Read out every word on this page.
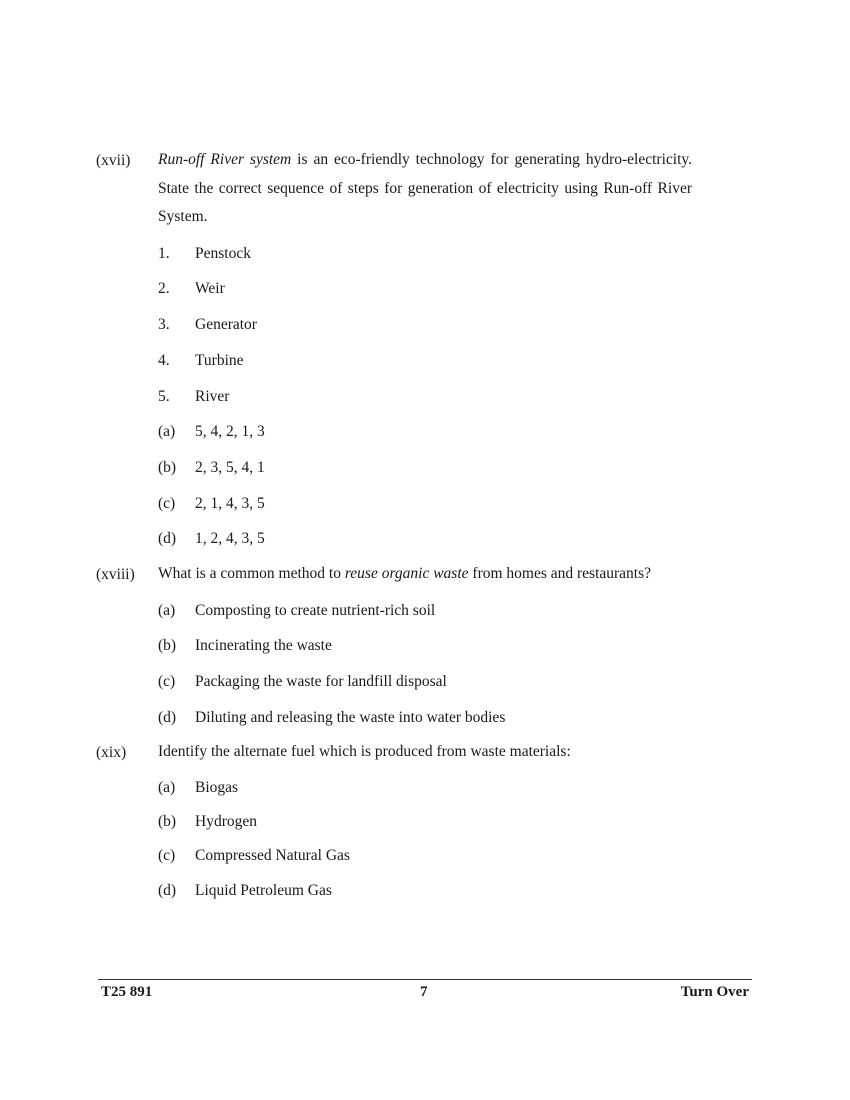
(xvii) Run-off River system is an eco-friendly technology for generating hydro-electricity. State the correct sequence of steps for generation of electricity using Run-off River System.
1. Penstock
2. Weir
3. Generator
4. Turbine
5. River
(a) 5, 4, 2, 1, 3
(b) 2, 3, 5, 4, 1
(c) 2, 1, 4, 3, 5
(d) 1, 2, 4, 3, 5
(xviii) What is a common method to reuse organic waste from homes and restaurants?
(a) Composting to create nutrient-rich soil
(b) Incinerating the waste
(c) Packaging the waste for landfill disposal
(d) Diluting and releasing the waste into water bodies
(xix) Identify the alternate fuel which is produced from waste materials:
(a) Biogas
(b) Hydrogen
(c) Compressed Natural Gas
(d) Liquid Petroleum Gas
T25 891	7	Turn Over
